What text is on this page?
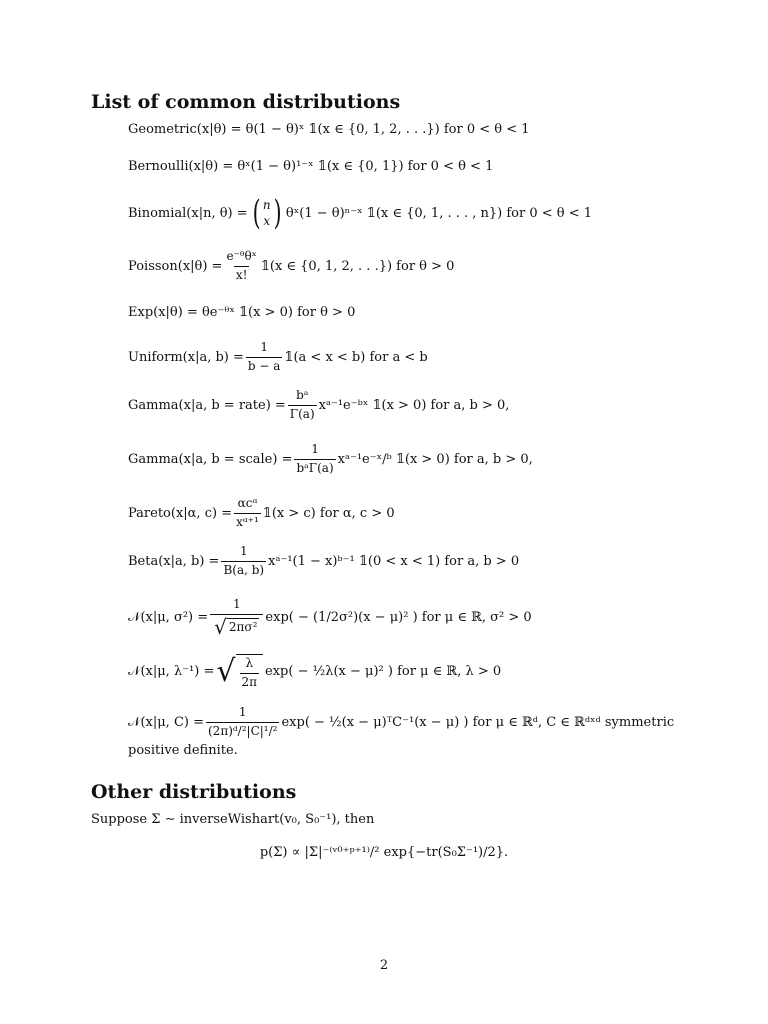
List of common distributions
Geometric(x|θ) = θ(1 − θ)ˣ 𝟙(x ∈ {0, 1, 2, . . .}) for 0 < θ < 1
Bernoulli(x|θ) = θˣ(1 − θ)¹⁻ˣ 𝟙(x ∈ {0, 1}) for 0 < θ < 1
Binomial(x|n, θ) = ( n
x ) θˣ(1 − θ)ⁿ⁻ˣ 𝟙(x ∈ {0, 1, . . . , n}) for 0 < θ < 1
Poisson(x|θ) = $\frac{\text{e⁻ᶿθˣ}}{x!}$ 𝟙(x ∈ {0, 1, 2, . . .}) for θ > 0
Exp(x|θ) = θe⁻ᶿˣ 𝟙(x > 0) for θ > 0
Uniform(x|a, $b) = \frac{1}{b - a}$ 𝟙(a < x < b) for a < b
Gamma(x|a, b = rate) = $\frac{\text{bᵃ}}{\Gamma(a)}$ xᵃ⁻¹e⁻ᵇˣ 𝟙(x > 0) for a, b > 0,
Gamma(x|a, b = scale) = $\frac{1}{\text{bᵃΓ(a)}}$ xᵃ⁻¹e⁻ˣ/ᵇ 𝟙(x > 0) for a, b > 0,
Pareto(x|α, $c) = \frac{\text{αcᵅ}}{\text{xᵅ⁺¹}}$ 𝟙(x > c) for α, c > 0
Beta(x|a, $b) = \frac{1}{B(a, b)}$ xᵃ⁻¹(1 − x)ᵇ⁻¹ 𝟙(0 < x < 1) for a, b > 0
𝒩(x|μ, $\sigma^2) = \frac{1}{\text{√ 2πσ²}} \exp( - (1/2\sigma^2)(x - \mu)^2$ ) for μ ∈ ℝ, σ² > 0
𝒩(x|μ, λ⁻¹) = √ $\frac{\lambda}{2\pi} \exp$( − ½λ(x − μ)² ) for μ ∈ ℝ, λ > 0
𝒩(x|μ, $C) = \frac{1}{\text{(2π)ᵈ/²|C|¹/²}} \exp$( − ½(x − μ)ᵀC⁻¹(x − μ) ) for μ ∈ ℝᵈ, C ∈ ℝᵈˣᵈ symmetric
positive definite.
Other distributions

Suppose Σ ∼ inverseWishart(v₀, S₀⁻¹), then

p(Σ) ∝ |Σ|⁻⁽ᵛ⁰⁺ᵖ⁺¹⁾/² exp{−tr(S₀Σ⁻¹)/2}.
2
